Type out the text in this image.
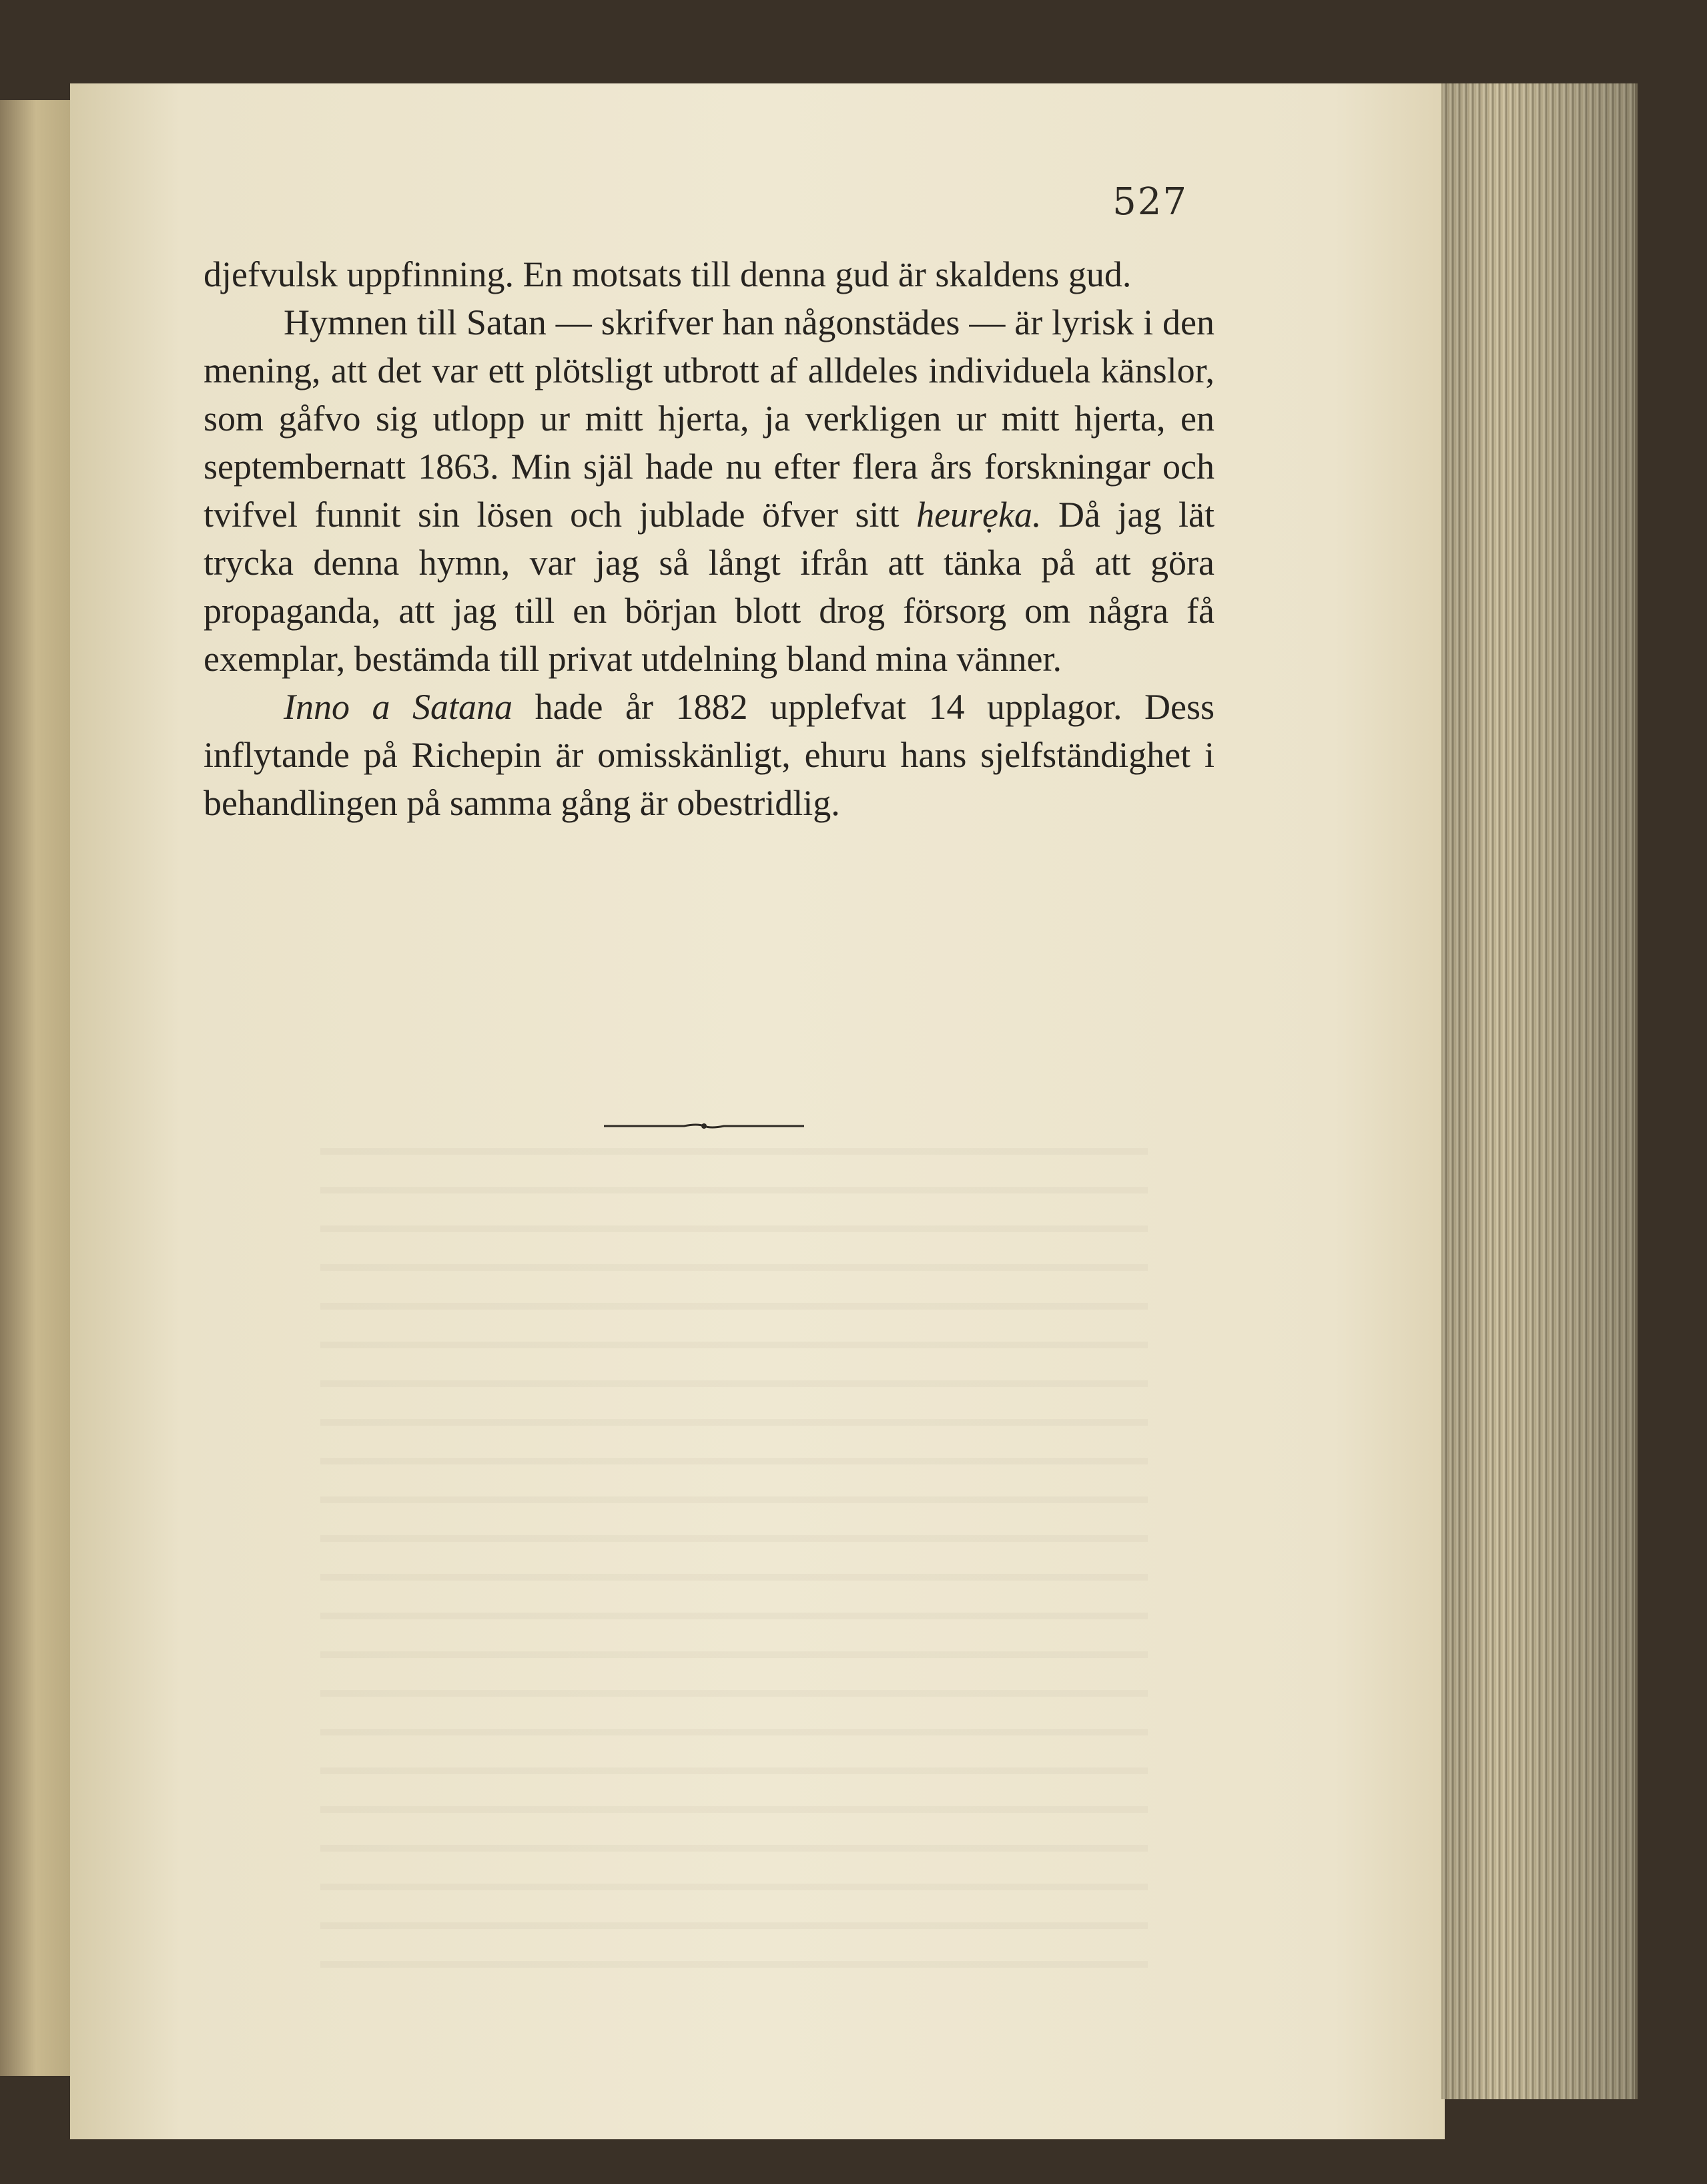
527

djefvulsk uppfinning. En motsats till denna gud är skaldens gud.

Hymnen till Satan — skrifver han någonstädes — är lyrisk i den mening, att det var ett plötsligt utbrott af alldeles individuela känslor, som gåfvo sig utlopp ur mitt hjerta, ja verkligen ur mitt hjerta, en septembernatt 1863. Min själ hade nu efter flera års forskningar och tvifvel funnit sin lösen och jublade öfver sitt heurẹka. Då jag lät trycka denna hymn, var jag så långt ifrån att tänka på att göra propaganda, att jag till en början blott drog försorg om några få exemplar, bestämda till privat utdelning bland mina vänner.

Inno a Satana hade år 1882 upplefvat 14 upplagor. Dess inflytande på Richepin är omisskänligt, ehuru hans sjelfständighet i behandlingen på samma gång är obestridlig.
